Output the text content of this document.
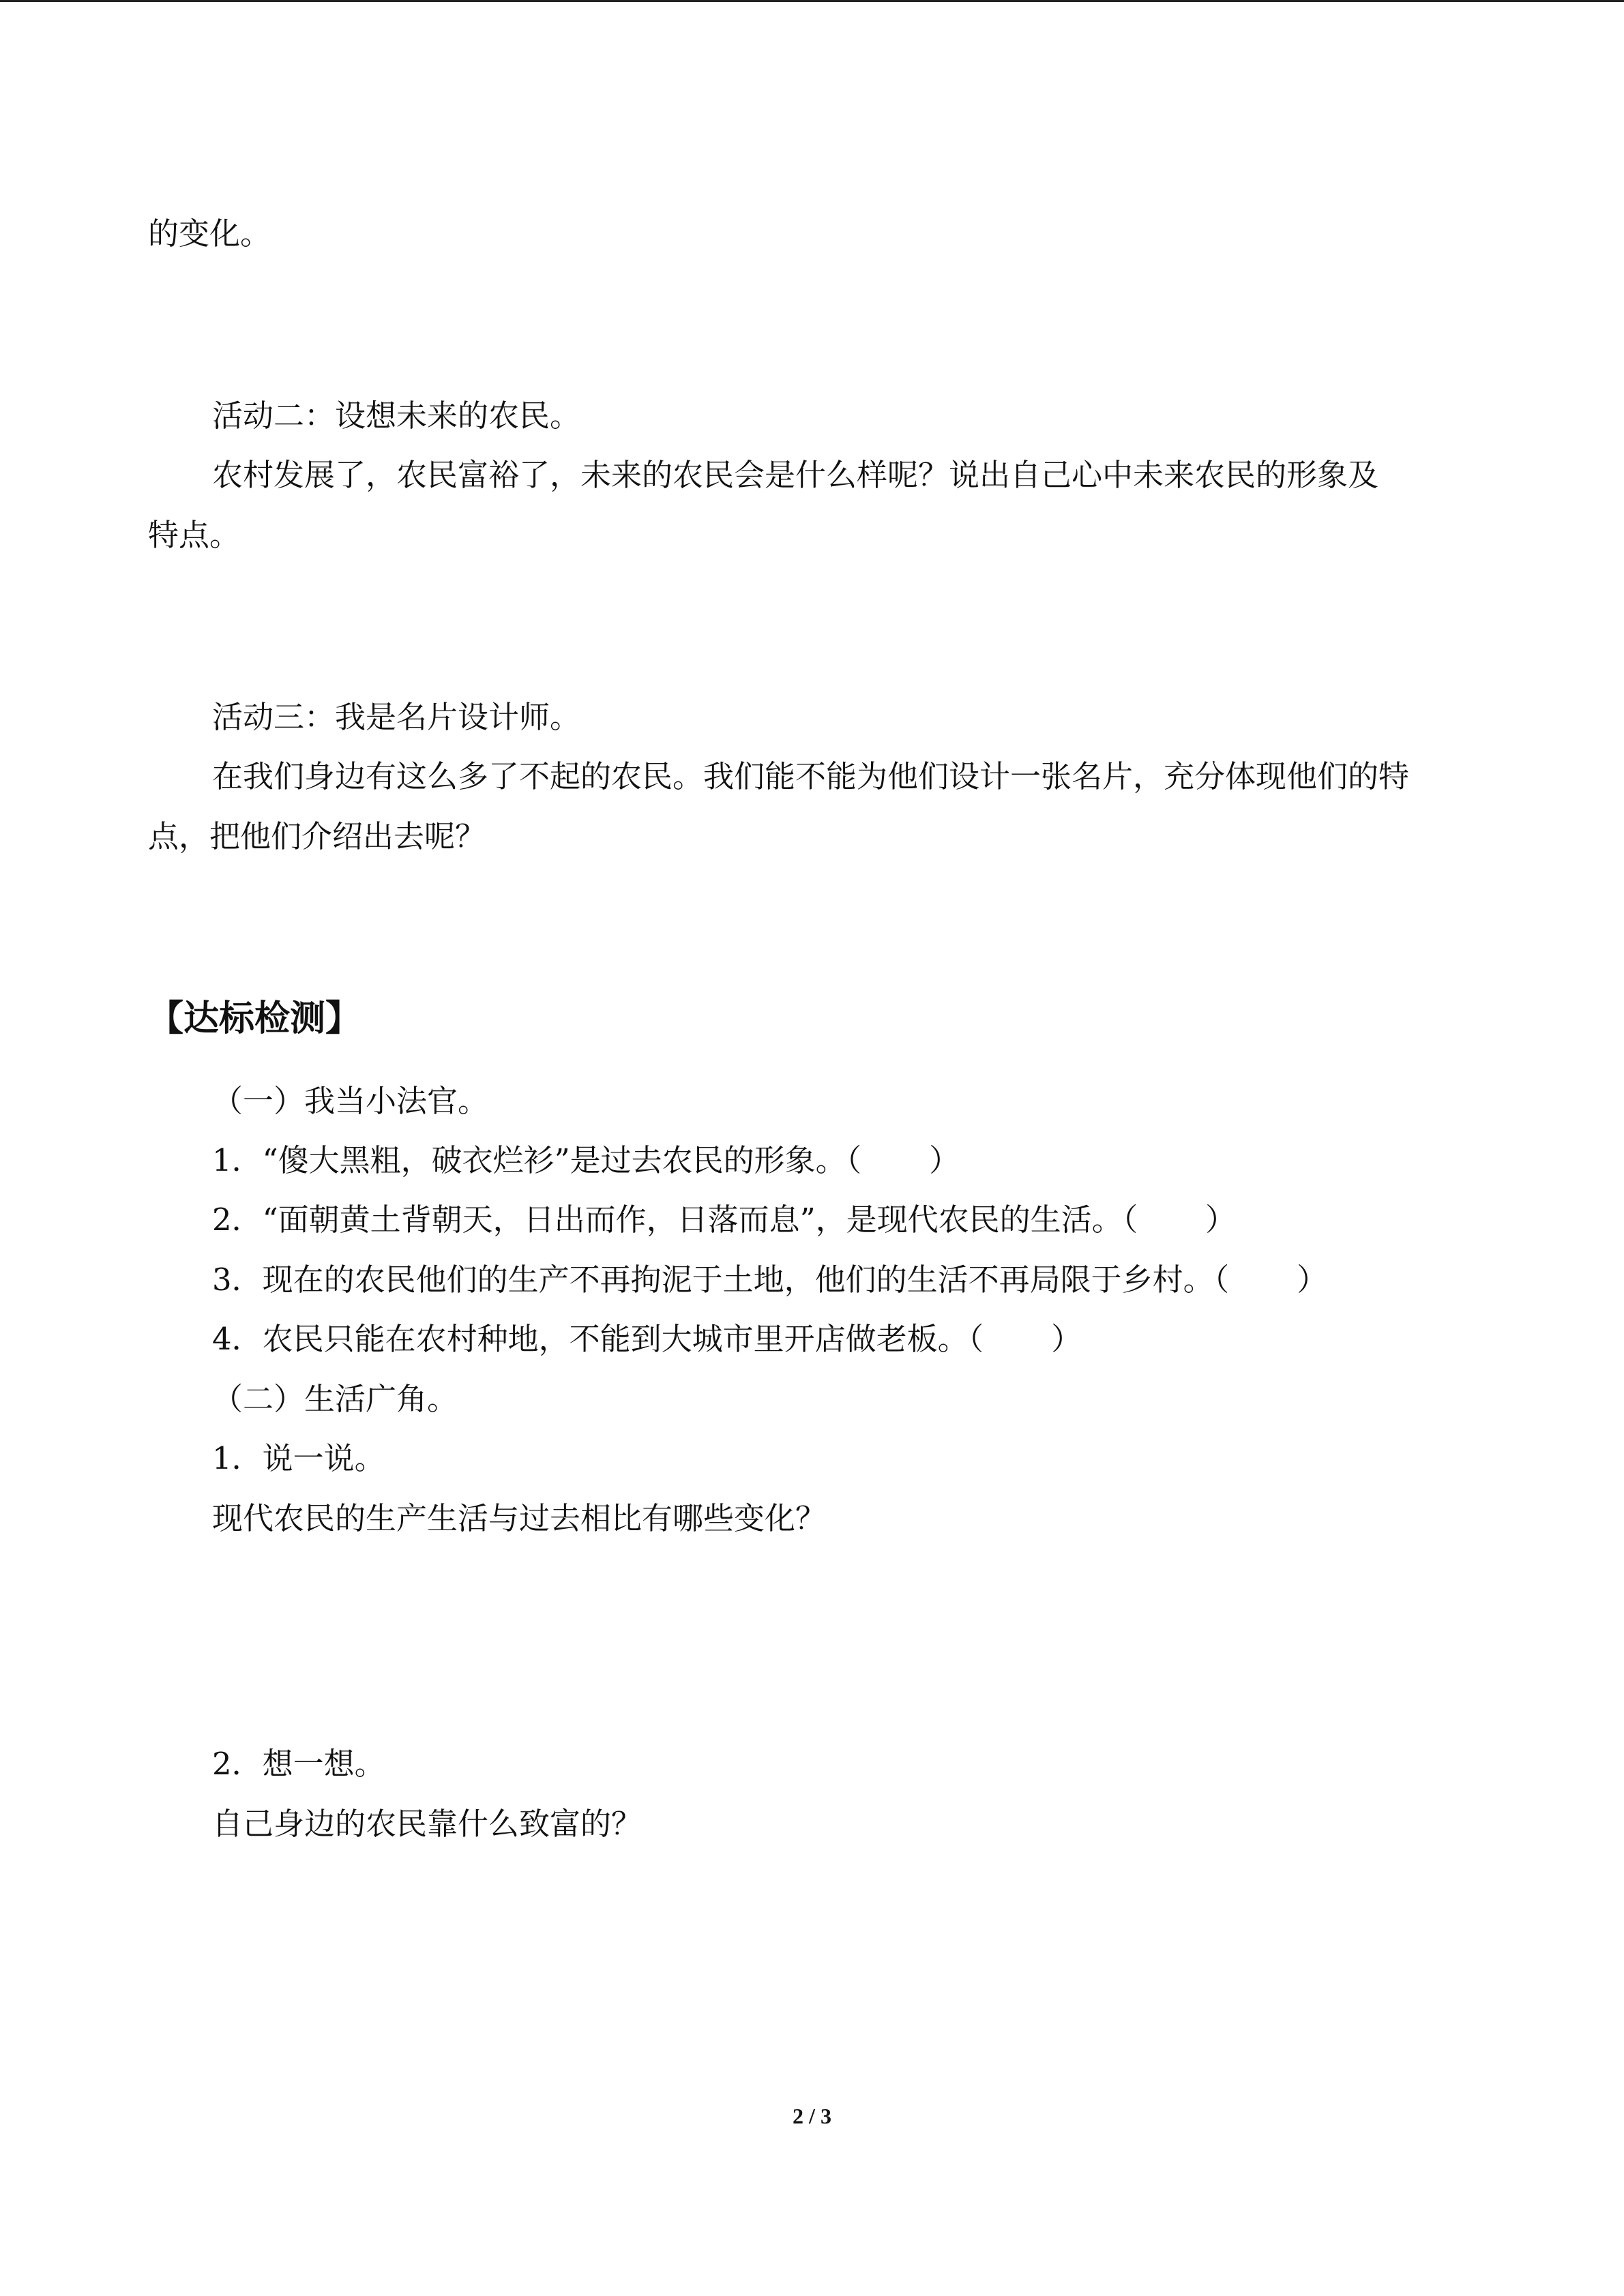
的变化。

活动二：设想未来的农民。

农村发展了，农民富裕了，未来的农民会是什么样呢？说出自己心中未来农民的形象及

特点。

活动三：我是名片设计师。

在我们身边有这么多了不起的农民。我们能不能为他们设计一张名片，充分体现他们的特

点，把他们介绍出去呢？

【达标检测】

（一）我当小法官。

1．“傻大黑粗，破衣烂衫”是过去农民的形象。（ ）

2．“面朝黄土背朝天，日出而作，日落而息”，是现代农民的生活。（ ）

3．现在的农民他们的生产不再拘泥于土地，他们的生活不再局限于乡村。（ ）

4．农民只能在农村种地，不能到大城市里开店做老板。（ ）

（二）生活广角。

1．说一说。

现代农民的生产生活与过去相比有哪些变化？

2．想一想。

自己身边的农民靠什么致富的？

2 / 3
